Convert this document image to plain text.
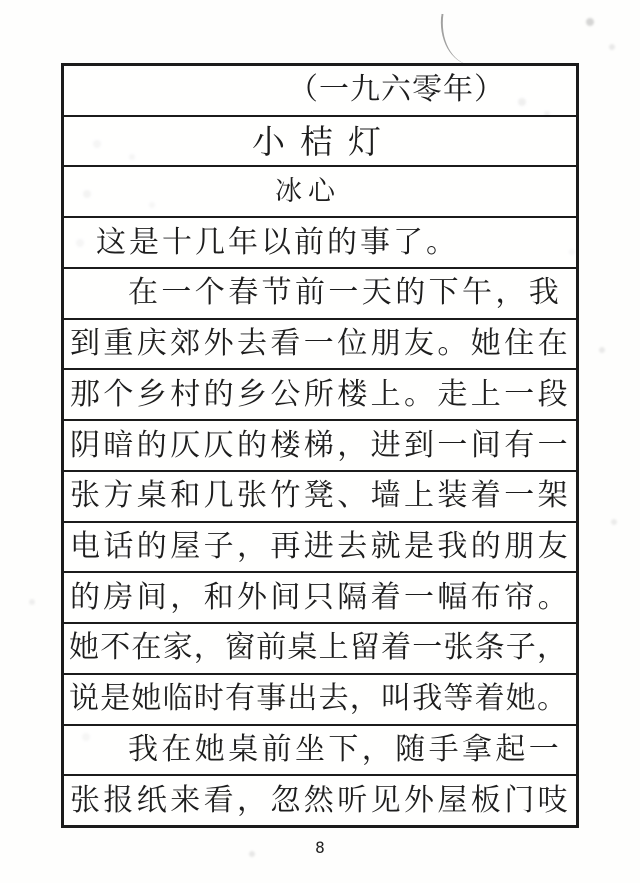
（一九六零年）
小桔灯
冰心
这是十几年以前的事了。
在一个春节前一天的下午，我
到重庆郊外去看一位朋友。她住在
那个乡村的乡公所楼上。走上一段
阴暗的仄仄的楼梯，进到一间有一
张方桌和几张竹凳、墙上装着一架
电话的屋子，再进去就是我的朋友
的房间，和外间只隔着一幅布帘。
她不在家，窗前桌上留着一张条子，
说是她临时有事出去，叫我等着她。
我在她桌前坐下，随手拿起一
张报纸来看，忽然听见外屋板门吱
8
